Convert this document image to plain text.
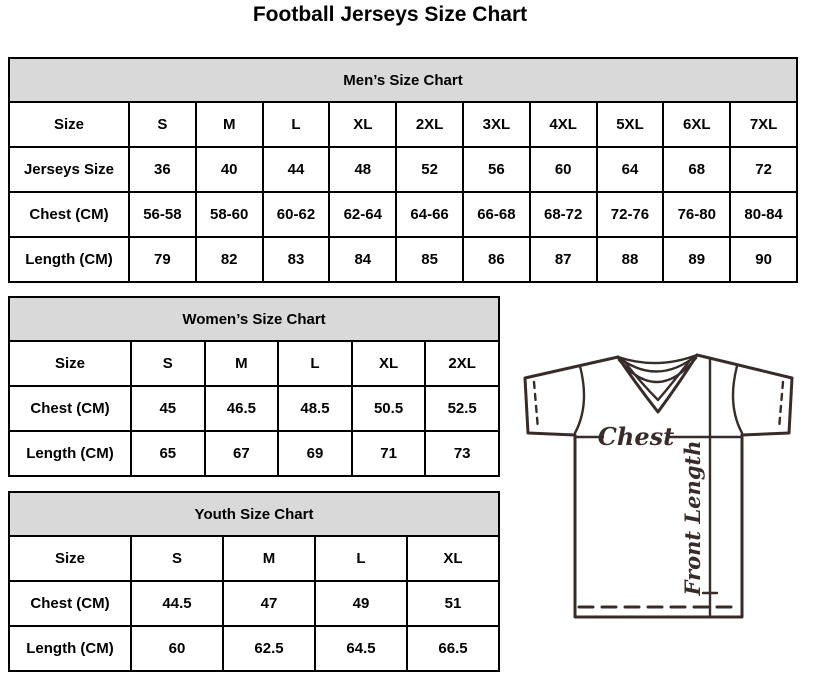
Football Jerseys Size Chart
Men’s Size Chart										
Size	S	M	L	XL	2XL	3XL	4XL	5XL	6XL	7XL
Jerseys Size	36	40	44	48	52	56	60	64	68	72
Chest (CM)	56-58	58-60	60-62	62-64	64-66	66-68	68-72	72-76	76-80	80-84
Length (CM)	79	82	83	84	85	86	87	88	89	90
Women’s Size Chart					
Size	S	M	L	XL	2XL
Chest (CM)	45	46.5	48.5	50.5	52.5
Length (CM)	65	67	69	71	73
Youth Size Chart				
Size	S	M	L	XL
Chest (CM)	44.5	47	49	51
Length (CM)	60	62.5	64.5	66.5
Chest
Front Length
